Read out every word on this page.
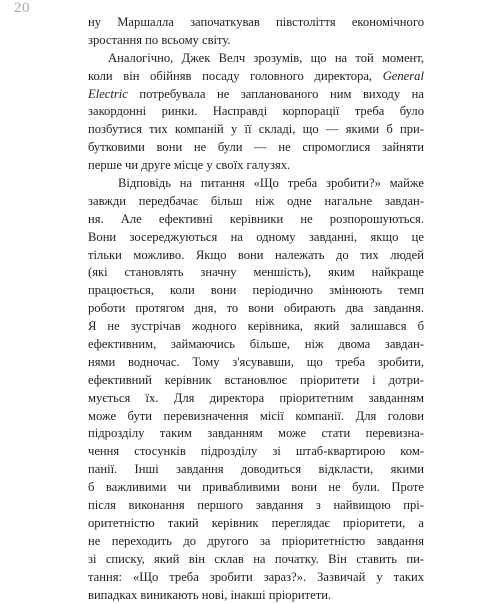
20
ну Маршалла започаткував півстоліття економічного
зростання по всьому світу.
Аналогічно, Джек Велч зрозумів, що на той момент,
коли він обійняв посаду головного директора, General
Electric потребувала не запланованого ним виходу на
закордонні ринки. Насправді корпорації треба було
позбутися тих компаній у її складі, що — якими б при-
бутковими вони не були — не спромоглися зайняти
перше чи друге місце у своїх галузях.
Відповідь на питання «Що треба зробити?» майже
завжди передбачає більш ніж одне нагальне завдан-
ня. Але ефективні керівники не розпорошуються.
Вони зосереджуються на одному завданні, якщо це
тільки можливо. Якщо вони належать до тих людей
(які становлять значну меншість), яким найкраще
працюється, коли вони періодично змінюють темп
роботи протягом дня, то вони обирають два завдання.
Я не зустрічав жодного керівника, який залишався б
ефективним, займаючись більше, ніж двома завдан-
нями водночас. Тому з'ясувавши, що треба зробити,
ефективний керівник встановлює пріоритети і дотри-
мується їх. Для директора пріоритетним завданням
може бути перевизначення місії компанії. Для голови
підрозділу таким завданням може стати перевизна-
чення стосунків підрозділу зі штаб-квартирою ком-
панії. Інші завдання доводиться відкласти, якими
б важливими чи привабливими вони не були. Проте
після виконання першого завдання з найвищою прі-
оритетністю такий керівник переглядає пріоритети, а
не переходить до другого за пріоритетністю завдання
зі списку, який він склав на початку. Він ставить пи-
тання: «Що треба зробити зараз?». Зазвичай у таких
випадках виникають нові, інакші пріоритети.
